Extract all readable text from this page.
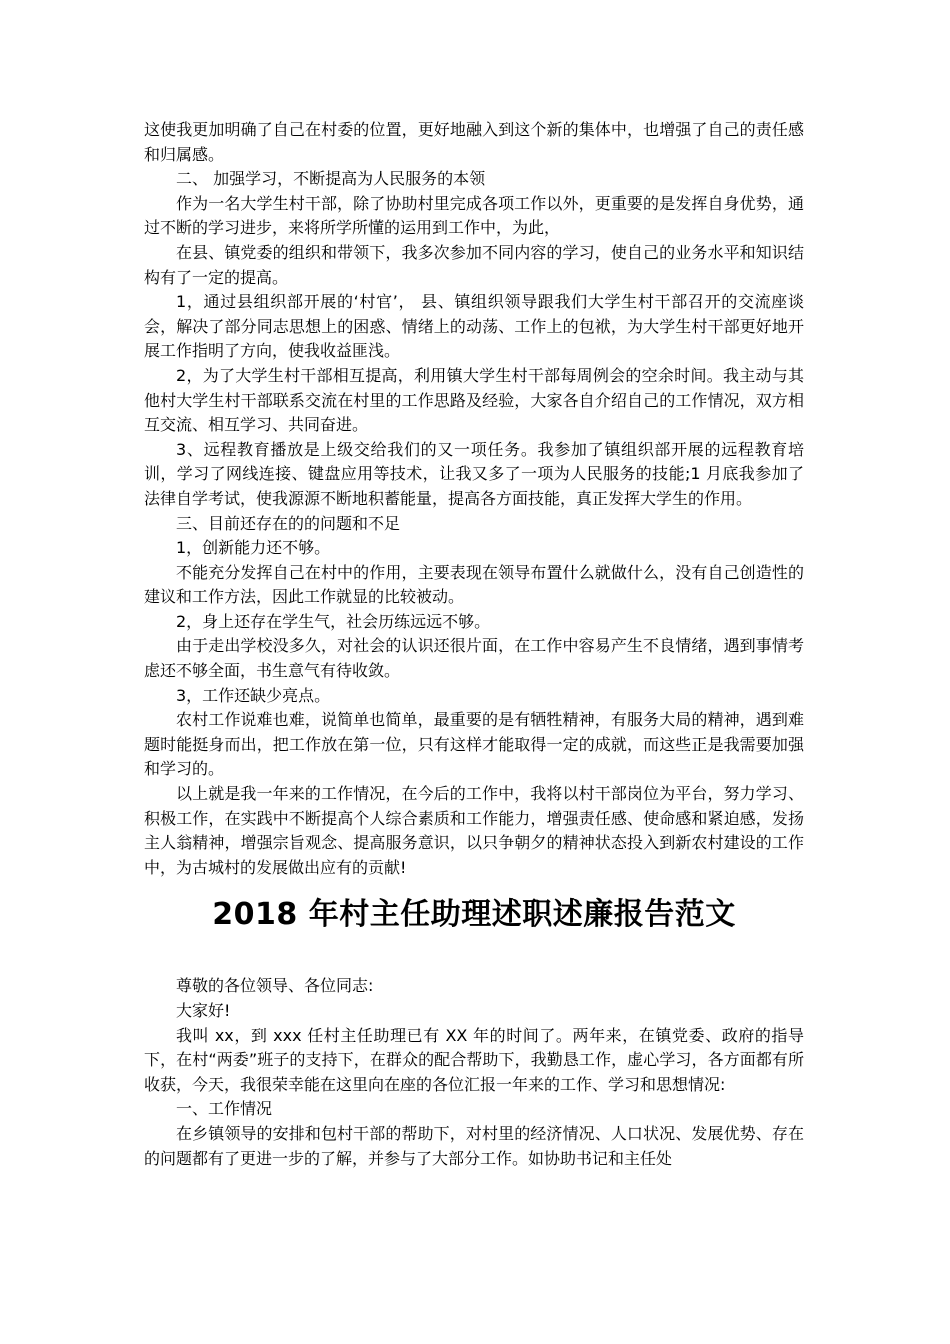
这使我更加明确了自己在村委的位置，更好地融入到这个新的集体中，也增强了自己的责任感和归属感。

二、 加强学习，不断提高为人民服务的本领

作为一名大学生村干部，除了协助村里完成各项工作以外，更重要的是发挥自身优势，通过不断的学习进步，来将所学所懂的运用到工作中，为此，

在县、镇党委的组织和带领下，我多次参加不同内容的学习，使自己的业务水平和知识结构有了一定的提高。

1，通过县组织部开展的‘村官’， 县、镇组织领导跟我们大学生村干部召开的交流座谈会，解决了部分同志思想上的困惑、情绪上的动荡、工作上的包袱，为大学生村干部更好地开展工作指明了方向，使我收益匪浅。

2，为了大学生村干部相互提高，利用镇大学生村干部每周例会的空余时间。我主动与其他村大学生村干部联系交流在村里的工作思路及经验，大家各自介绍自己的工作情况，双方相互交流、相互学习、共同奋进。

3、远程教育播放是上级交给我们的又一项任务。我参加了镇组织部开展的远程教育培训，学习了网线连接、键盘应用等技术，让我又多了一项为人民服务的技能;1 月底我参加了法律自学考试，使我源源不断地积蓄能量，提高各方面技能，真正发挥大学生的作用。

三、目前还存在的的问题和不足

1，创新能力还不够。

不能充分发挥自己在村中的作用，主要表现在领导布置什么就做什么，没有自己创造性的建议和工作方法，因此工作就显的比较被动。

2，身上还存在学生气，社会历练远远不够。

由于走出学校没多久，对社会的认识还很片面，在工作中容易产生不良情绪，遇到事情考虑还不够全面，书生意气有待收敛。

3，工作还缺少亮点。

农村工作说难也难，说简单也简单，最重要的是有牺牲精神，有服务大局的精神，遇到难题时能挺身而出，把工作放在第一位，只有这样才能取得一定的成就，而这些正是我需要加强和学习的。

以上就是我一年来的工作情况，在今后的工作中，我将以村干部岗位为平台，努力学习、积极工作，在实践中不断提高个人综合素质和工作能力，增强责任感、使命感和紧迫感，发扬主人翁精神，增强宗旨观念、提高服务意识，以只争朝夕的精神状态投入到新农村建设的工作中，为古城村的发展做出应有的贡献!

2018 年村主任助理述职述廉报告范文

尊敬的各位领导、各位同志:

大家好!

我叫 xx，到 xxx 任村主任助理已有 XX 年的时间了。两年来，在镇党委、政府的指导下，在村“两委”班子的支持下，在群众的配合帮助下，我勤恳工作，虚心学习，各方面都有所收获，今天，我很荣幸能在这里向在座的各位汇报一年来的工作、学习和思想情况:

一、工作情况

在乡镇领导的安排和包村干部的帮助下，对村里的经济情况、人口状况、发展优势、存在的问题都有了更进一步的了解，并参与了大部分工作。如协助书记和主任处
